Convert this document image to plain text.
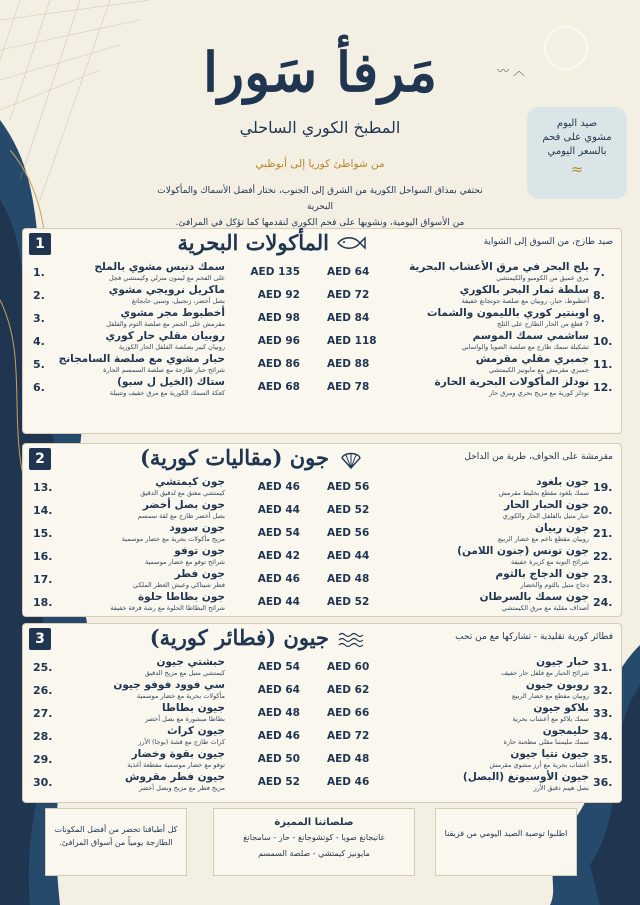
مَرفأ سَورا
المطبخ الكوري الساحلي
من شواطئ كوريا إلى أبوظبي
نحتفي بمذاق السواحل الكورية من الشرق إلى الجنوب، نختار أفضل الأسماك والمأكولات البحرية
من الأسواق اليومية، ونشويها على فحم الكوري لنقدمها كما تؤكل في المرافئ.
〰 ︿
صيد اليوم
مشوي على فحم
بالسعر اليومي
≈
1	المأكولات البحرية	صيد طازج، من السوق إلى الشواية
1.	سمك دنيس مشوي بالملح
على الفحم مع ليمون منزلي وكيمتشي فجل	AED 135
2.	ماكريل نرويجي مشوي
بصل أخضر، زنجبيل، وسبي حابجانغ	AED 92
3.	أخطبوط مجر مشوي
مقرمش على الجمر مع صلصة الثوم والفلفل	AED 98
4.	روبيان مقلي حار كوري
روبيان كبير بصلصة الفلفل الحار الكورية	AED 96
5.	حبار مشوي مع صلصة السامجانج
شرائح حبار طازجة مع صلصة السمسم الحارة	AED 86
6.	ستاك (الخيل ل سبو)
كعكة السمك الكورية مع مرق خفيف وتتبيلة	AED 68
7.
بلح البحر في مرق الأعشاب البحرية
مرق عميق من الكومبو والكيمتشي
AED 64
8.
سلطة ثمار البحر بالكوري
أخطبوط، حبار، روبيان مع صلصة جوتجانغ خفيفة
AED 72
9.
اوبنتير كوري بالليمون والشمات
7 قطع من الحار الطازج على الثلج
AED 84
10.
ساشمي سمك الموسم
تشكيلة سمك طازج مع صلصة الصويا والواسابي
AED 118
11.
جمبري مقلي مقرمش
جمبري مقرمش مع مايونيز الكيمتشي
AED 88
12.
نودلز المأكولات البحرية الحارة
نودلز كورية مع مزيج بحري ومرق حار
AED 78
2	جون (مقاليات كورية)	مقرمشة على الحواف، طرية من الداخل
13.	جون كيمتشي
كيمتشي معتق مع لدقيق الدقيق	AED 46
14.	جون بصل أخضر
بصل أخضر طازج مع لقة سمسم	AED 44
15.	جون سوود
مزيج مأكولات بحرية مع خضار موسمية	AED 54
16.	جون توفو
شرائح توفو مع خضار موسمية	AED 42
17.	جون فطر
فطر شيتاكي وعيش الغطر الملكي	AED 46
18.	جون بطاطا حلوة
شرائح البطاطا الحلوة مع رشة قرفة خفيفة	AED 44
19.
جون بلغود
سمك بلغود مقطع بخليط مقرمش
AED 56
20.
جون الحبار الحار
حبار متبل بالفلفل الحار والكوري
AED 52
21.
جون ربيان
روبيان مقطع ناعم مع خضار الربيع
AED 56
22.
جون تونس (جنون اللامن)
شرائح التونه مع كزبرة خفيفة
AED 44
23.
جون الدجاج بالثوم
دجاج متبل بالثوم والخضار
AED 48
24.
جون سمك بالسرطان
أصداف مقلية مع مرق الكيمتشي
AED 52
3	جيون (فطائر كورية)	فطائر كورية تقليدية - تشاركها مع من تحب
25.	حبشتي جيون
كيمتشي متبل مع مزيج الدقيق	AED 54
26.	سي فوود فوفو جيون
مأكولات بحرية مع خضار موسمية	AED 64
27.	جيون بطاطا
بطاطا مبشورة مع بصل أخضر	AED 48
28.	جيون كراث
كراث طازج مع قشة (بوجا) الأرز	AED 46
29.	جيون بقوة وخضار
توفو مع خضار موسمية مقطعة أغذية	AED 50
30.	جيون فطر مقروش
مزيج فطر مع مزيج وبصل أخضر	AED 52
31.
حبار جيون
شرائح الحبار مع فلفل حار خفيف
AED 60
32.
روبون جيون
روبيان مقطع مع خضار الربيع
AED 62
33.
بلاكو جيون
سمك بلاكو مع أعشاب بحرية
AED 66
34.
حليمجون
سمك مليمتنا مقلي مطحنة حارة
AED 72
35.
جيون تتيا جيون
أعشاب بحرية مع أرز مشوي مقرمش
AED 48
36.
جيون الأوسيونغ (البصل)
بصل هيبم دقيق الأرز
AED 46
كل أطباقنا تحضر من أفضل المكونات الطازجة يومياً من أسواق المرافئ.
صلصاتنا المميزة
غانيجانغ صويا - كوتشوجانغ - حار - سامجانغ
مايونيز كيمتشي - صلصة السمسم
اطلبوا توصية الصيد اليومي من فريقنا
